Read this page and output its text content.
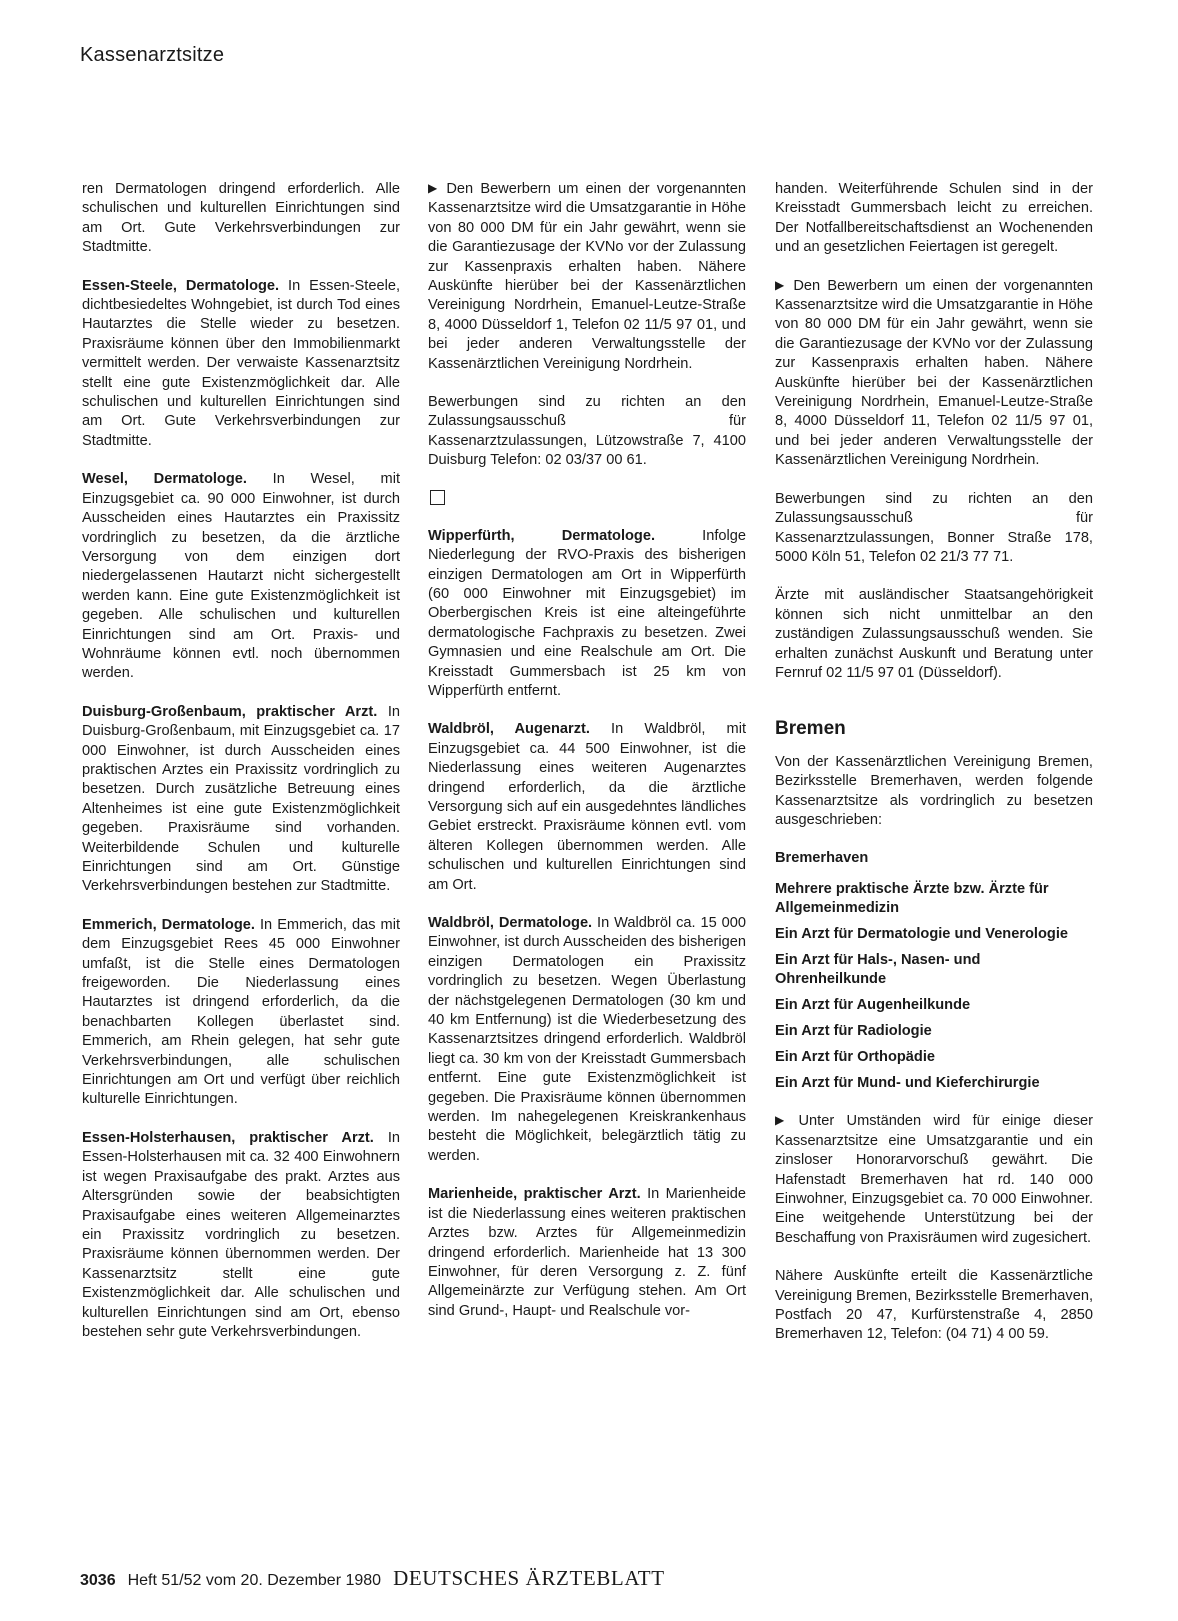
Kassenarztsitze

ren Dermatologen dringend erforderlich. Alle schulischen und kulturellen Einrichtungen sind am Ort. Gute Verkehrsverbindungen zur Stadtmitte.

Essen-Steele, Dermatologe. In Essen-Steele, dichtbesiedeltes Wohngebiet, ist durch Tod eines Hautarztes die Stelle wieder zu besetzen. Praxisräume können über den Immobilienmarkt vermittelt werden. Der verwaiste Kassenarztsitz stellt eine gute Existenzmöglichkeit dar. Alle schulischen und kulturellen Einrichtungen sind am Ort. Gute Verkehrsverbindungen zur Stadtmitte.

Wesel, Dermatologe. In Wesel, mit Einzugsgebiet ca. 90 000 Einwohner, ist durch Ausscheiden eines Hautarztes ein Praxissitz vordringlich zu besetzen, da die ärztliche Versorgung von dem einzigen dort niedergelassenen Hautarzt nicht sichergestellt werden kann. Eine gute Existenzmöglichkeit ist gegeben. Alle schulischen und kulturellen Einrichtungen sind am Ort. Praxis- und Wohnräume können evtl. noch übernommen werden.

Duisburg-Großenbaum, praktischer Arzt. In Duisburg-Großenbaum, mit Einzugsgebiet ca. 17 000 Einwohner, ist durch Ausscheiden eines praktischen Arztes ein Praxissitz vordringlich zu besetzen. Durch zusätzliche Betreuung eines Altenheimes ist eine gute Existenzmöglichkeit gegeben. Praxisräume sind vorhanden. Weiterbildende Schulen und kulturelle Einrichtungen sind am Ort. Günstige Verkehrsverbindungen bestehen zur Stadtmitte.

Emmerich, Dermatologe. In Emmerich, das mit dem Einzugsgebiet Rees 45 000 Einwohner umfaßt, ist die Stelle eines Dermatologen freigeworden. Die Niederlassung eines Hautarztes ist dringend erforderlich, da die benachbarten Kollegen überlastet sind. Emmerich, am Rhein gelegen, hat sehr gute Verkehrsverbindungen, alle schulischen Einrichtungen am Ort und verfügt über reichlich kulturelle Einrichtungen.

Essen-Holsterhausen, praktischer Arzt. In Essen-Holsterhausen mit ca. 32 400 Einwohnern ist wegen Praxisaufgabe des prakt. Arztes aus Altersgründen sowie der beabsichtigten Praxisaufgabe eines weiteren Allgemeinarztes ein Praxissitz vordringlich zu besetzen. Praxisräume können übernommen werden. Der Kassenarztsitz stellt eine gute Existenzmöglichkeit dar. Alle schulischen und kulturellen Einrichtungen sind am Ort, ebenso bestehen sehr gute Verkehrsverbindungen.

▶ Den Bewerbern um einen der vorgenannten Kassenarztsitze wird die Umsatzgarantie in Höhe von 80 000 DM für ein Jahr gewährt, wenn sie die Garantiezusage der KVNo vor der Zulassung zur Kassenpraxis erhalten haben. Nähere Auskünfte hierüber bei der Kassenärztlichen Vereinigung Nordrhein, Emanuel-Leutze-Straße 8, 4000 Düsseldorf 1, Telefon 02 11/5 97 01, und bei jeder anderen Verwaltungsstelle der Kassenärztlichen Vereinigung Nordrhein.

Bewerbungen sind zu richten an den Zulassungsausschuß für Kassenarztzulassungen, Lützowstraße 7, 4100 Duisburg Telefon: 02 03/37 00 61.

Wipperfürth, Dermatologe. Infolge Niederlegung der RVO-Praxis des bisherigen einzigen Dermatologen am Ort in Wipperfürth (60 000 Einwohner mit Einzugsgebiet) im Oberbergischen Kreis ist eine alteingeführte dermatologische Fachpraxis zu besetzen. Zwei Gymnasien und eine Realschule am Ort. Die Kreisstadt Gummersbach ist 25 km von Wipperfürth entfernt.

Waldbröl, Augenarzt. In Waldbröl, mit Einzugsgebiet ca. 44 500 Einwohner, ist die Niederlassung eines weiteren Augenarztes dringend erforderlich, da die ärztliche Versorgung sich auf ein ausgedehntes ländliches Gebiet erstreckt. Praxisräume können evtl. vom älteren Kollegen übernommen werden. Alle schulischen und kulturellen Einrichtungen sind am Ort.

Waldbröl, Dermatologe. In Waldbröl ca. 15 000 Einwohner, ist durch Ausscheiden des bisherigen einzigen Dermatologen ein Praxissitz vordringlich zu besetzen. Wegen Überlastung der nächstgelegenen Dermatologen (30 km und 40 km Entfernung) ist die Wiederbesetzung des Kassenarztsitzes dringend erforderlich. Waldbröl liegt ca. 30 km von der Kreisstadt Gummersbach entfernt. Eine gute Existenzmöglichkeit ist gegeben. Die Praxisräume können übernommen werden. Im nahegelegenen Kreiskrankenhaus besteht die Möglichkeit, belegärztlich tätig zu werden.

Marienheide, praktischer Arzt. In Marienheide ist die Niederlassung eines weiteren praktischen Arztes bzw. Arztes für Allgemeinmedizin dringend erforderlich. Marienheide hat 13 300 Einwohner, für deren Versorgung z. Z. fünf Allgemeinärzte zur Verfügung stehen. Am Ort sind Grund-, Haupt- und Realschule vor-

handen. Weiterführende Schulen sind in der Kreisstadt Gummersbach leicht zu erreichen. Der Notfallbereitschaftsdienst an Wochenenden und an gesetzlichen Feiertagen ist geregelt.

▶ Den Bewerbern um einen der vorgenannten Kassenarztsitze wird die Umsatzgarantie in Höhe von 80 000 DM für ein Jahr gewährt, wenn sie die Garantiezusage der KVNo vor der Zulassung zur Kassenpraxis erhalten haben. Nähere Auskünfte hierüber bei der Kassenärztlichen Vereinigung Nordrhein, Emanuel-Leutze-Straße 8, 4000 Düsseldorf 11, Telefon 02 11/5 97 01, und bei jeder anderen Verwaltungsstelle der Kassenärztlichen Vereinigung Nordrhein.

Bewerbungen sind zu richten an den Zulassungsausschuß für Kassenarztzulassungen, Bonner Straße 178, 5000 Köln 51, Telefon 02 21/3 77 71.

Ärzte mit ausländischer Staatsangehörigkeit können sich nicht unmittelbar an den zuständigen Zulassungsausschuß wenden. Sie erhalten zunächst Auskunft und Beratung unter Fernruf 02 11/5 97 01 (Düsseldorf).

Bremen

Von der Kassenärztlichen Vereinigung Bremen, Bezirksstelle Bremerhaven, werden folgende Kassenarztsitze als vordringlich zu besetzen ausgeschrieben:

Bremerhaven
Mehrere praktische Ärzte bzw. Ärzte für Allgemeinmedizin
Ein Arzt für Dermatologie und Venerologie
Ein Arzt für Hals-, Nasen- und Ohrenheilkunde
Ein Arzt für Augenheilkunde
Ein Arzt für Radiologie
Ein Arzt für Orthopädie
Ein Arzt für Mund- und Kieferchirurgie

▶ Unter Umständen wird für einige dieser Kassenarztsitze eine Umsatzgarantie und ein zinsloser Honorarvorschuß gewährt. Die Hafenstadt Bremerhaven hat rd. 140 000 Einwohner, Einzugsgebiet ca. 70 000 Einwohner. Eine weitgehende Unterstützung bei der Beschaffung von Praxisräumen wird zugesichert.

Nähere Auskünfte erteilt die Kassenärztliche Vereinigung Bremen, Bezirksstelle Bremerhaven, Postfach 20 47, Kurfürstenstraße 4, 2850 Bremerhaven 12, Telefon: (04 71) 4 00 59.

3036 Heft 51/52 vom 20. Dezember 1980 DEUTSCHES ÄRZTEBLATT
